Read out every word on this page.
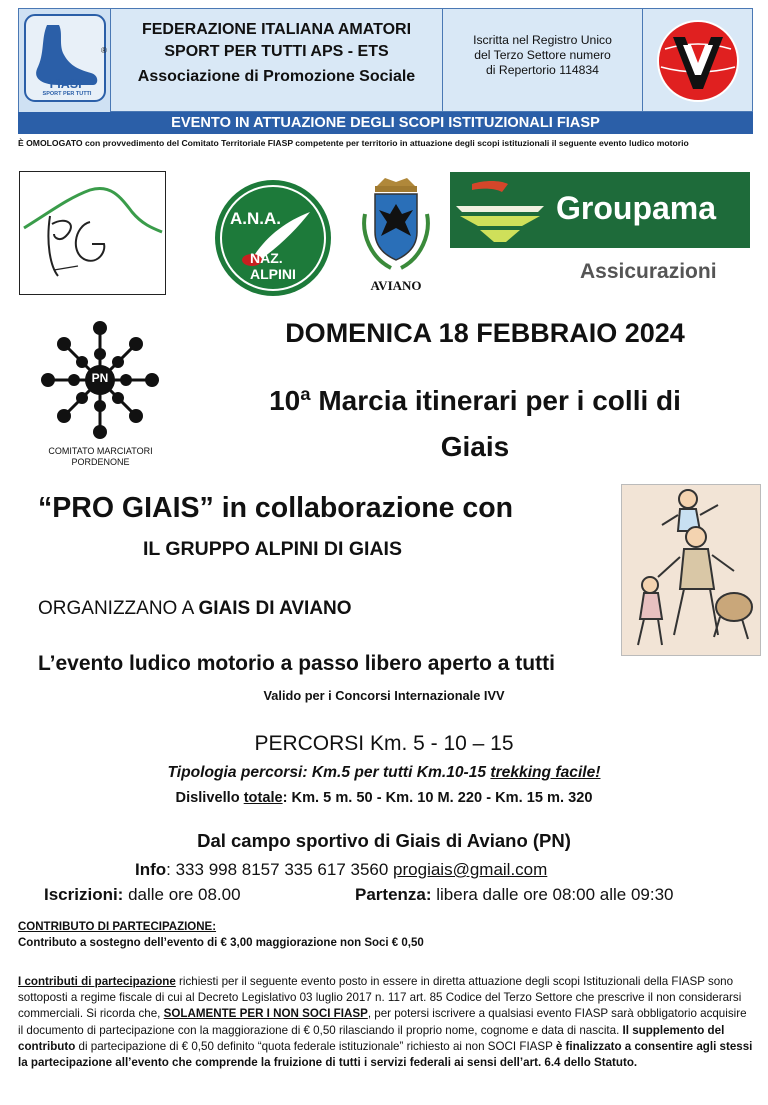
®
FIASP
SPORT PER TUTTI
FEDERAZIONE ITALIANA AMATORI
SPORT PER TUTTI APS - ETS
Associazione di Promozione Sociale
Iscritta nel Registro Unico
del Terzo Settore numero
di Repertorio 114834
EVENTO IN ATTUAZIONE DEGLI SCOPI ISTITUZIONALI FIASP
È OMOLOGATO con provvedimento del Comitato Territoriale FIASP competente per territorio in attuazione degli scopi istituzionali il seguente evento ludico motorio
A.N.A.
NAZ. ALPINI
AVIANO
Groupama
Assicurazioni
PN
COMITATO MARCIATORI
PORDENONE
DOMENICA 18 FEBBRAIO 2024
10ª Marcia itinerari per i colli di
Giais
“PRO GIAIS” in collaborazione con
IL GRUPPO ALPINI DI GIAIS
ORGANIZZANO A GIAIS DI AVIANO
L’evento ludico motorio a passo libero aperto a tutti
Valido per i Concorsi Internazionale IVV
PERCORSI Km. 5 - 10 – 15
Tipologia percorsi: Km.5 per tutti Km.10-15 trekking facile!
Dislivello totale: Km. 5 m. 50 - Km. 10 M. 220 - Km. 15 m. 320
Dal campo sportivo di Giais di Aviano (PN)
Info: 333 998 8157 335 617 3560 progiais@gmail.com
Iscrizioni: dalle ore 08.00	Partenza: libera dalle ore 08:00 alle 09:30
CONTRIBUTO DI PARTECIPAZIONE:
Contributo a sostegno dell’evento di € 3,00 maggiorazione non Soci € 0,50
I contributi di partecipazione richiesti per il seguente evento posto in essere in diretta attuazione degli scopi Istituzionali della FIASP sono sottoposti a regime fiscale di cui al Decreto Legislativo 03 luglio 2017 n. 117 art. 85 Codice del Terzo Settore che prescrive il non considerarsi commerciali. Si ricorda che, SOLAMENTE PER I NON SOCI FIASP, per potersi iscrivere a qualsiasi evento FIASP sarà obbligatorio acquisire il documento di partecipazione con la maggiorazione di € 0,50 rilasciando il proprio nome, cognome e data di nascita. Il supplemento del contributo di partecipazione di € 0,50 definito “quota federale istituzionale” richiesto ai non SOCI FIASP è finalizzato a consentire agli stessi la partecipazione all’evento che comprende la fruizione di tutti i servizi federali ai sensi dell’art. 6.4 dello Statuto.
